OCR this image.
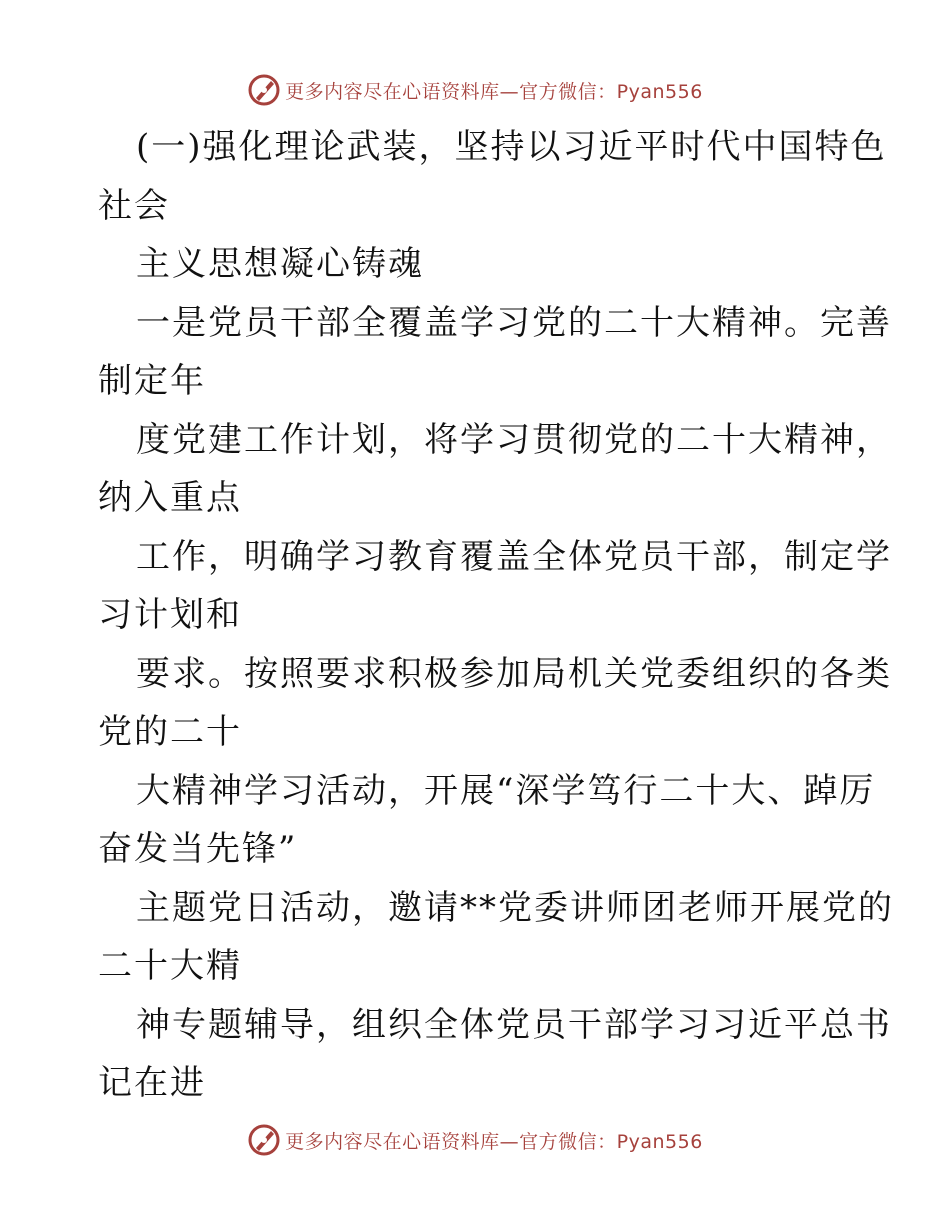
更多内容尽在心语资料库—官方微信：Pyan556
(一)强化理论武装，坚持以习近平时代中国特色
社会
主义思想凝心铸魂
一是党员干部全覆盖学习党的二十大精神。完善
制定年
度党建工作计划，将学习贯彻党的二十大精神，
纳入重点
工作，明确学习教育覆盖全体党员干部，制定学
习计划和
要求。按照要求积极参加局机关党委组织的各类
党的二十
大精神学习活动，开展“深学笃行二十大、踔厉
奋发当先锋”
主题党日活动，邀请**党委讲师团老师开展党的
二十大精
神专题辅导，组织全体党员干部学习习近平总书
记在进
更多内容尽在心语资料库—官方微信：Pyan556
